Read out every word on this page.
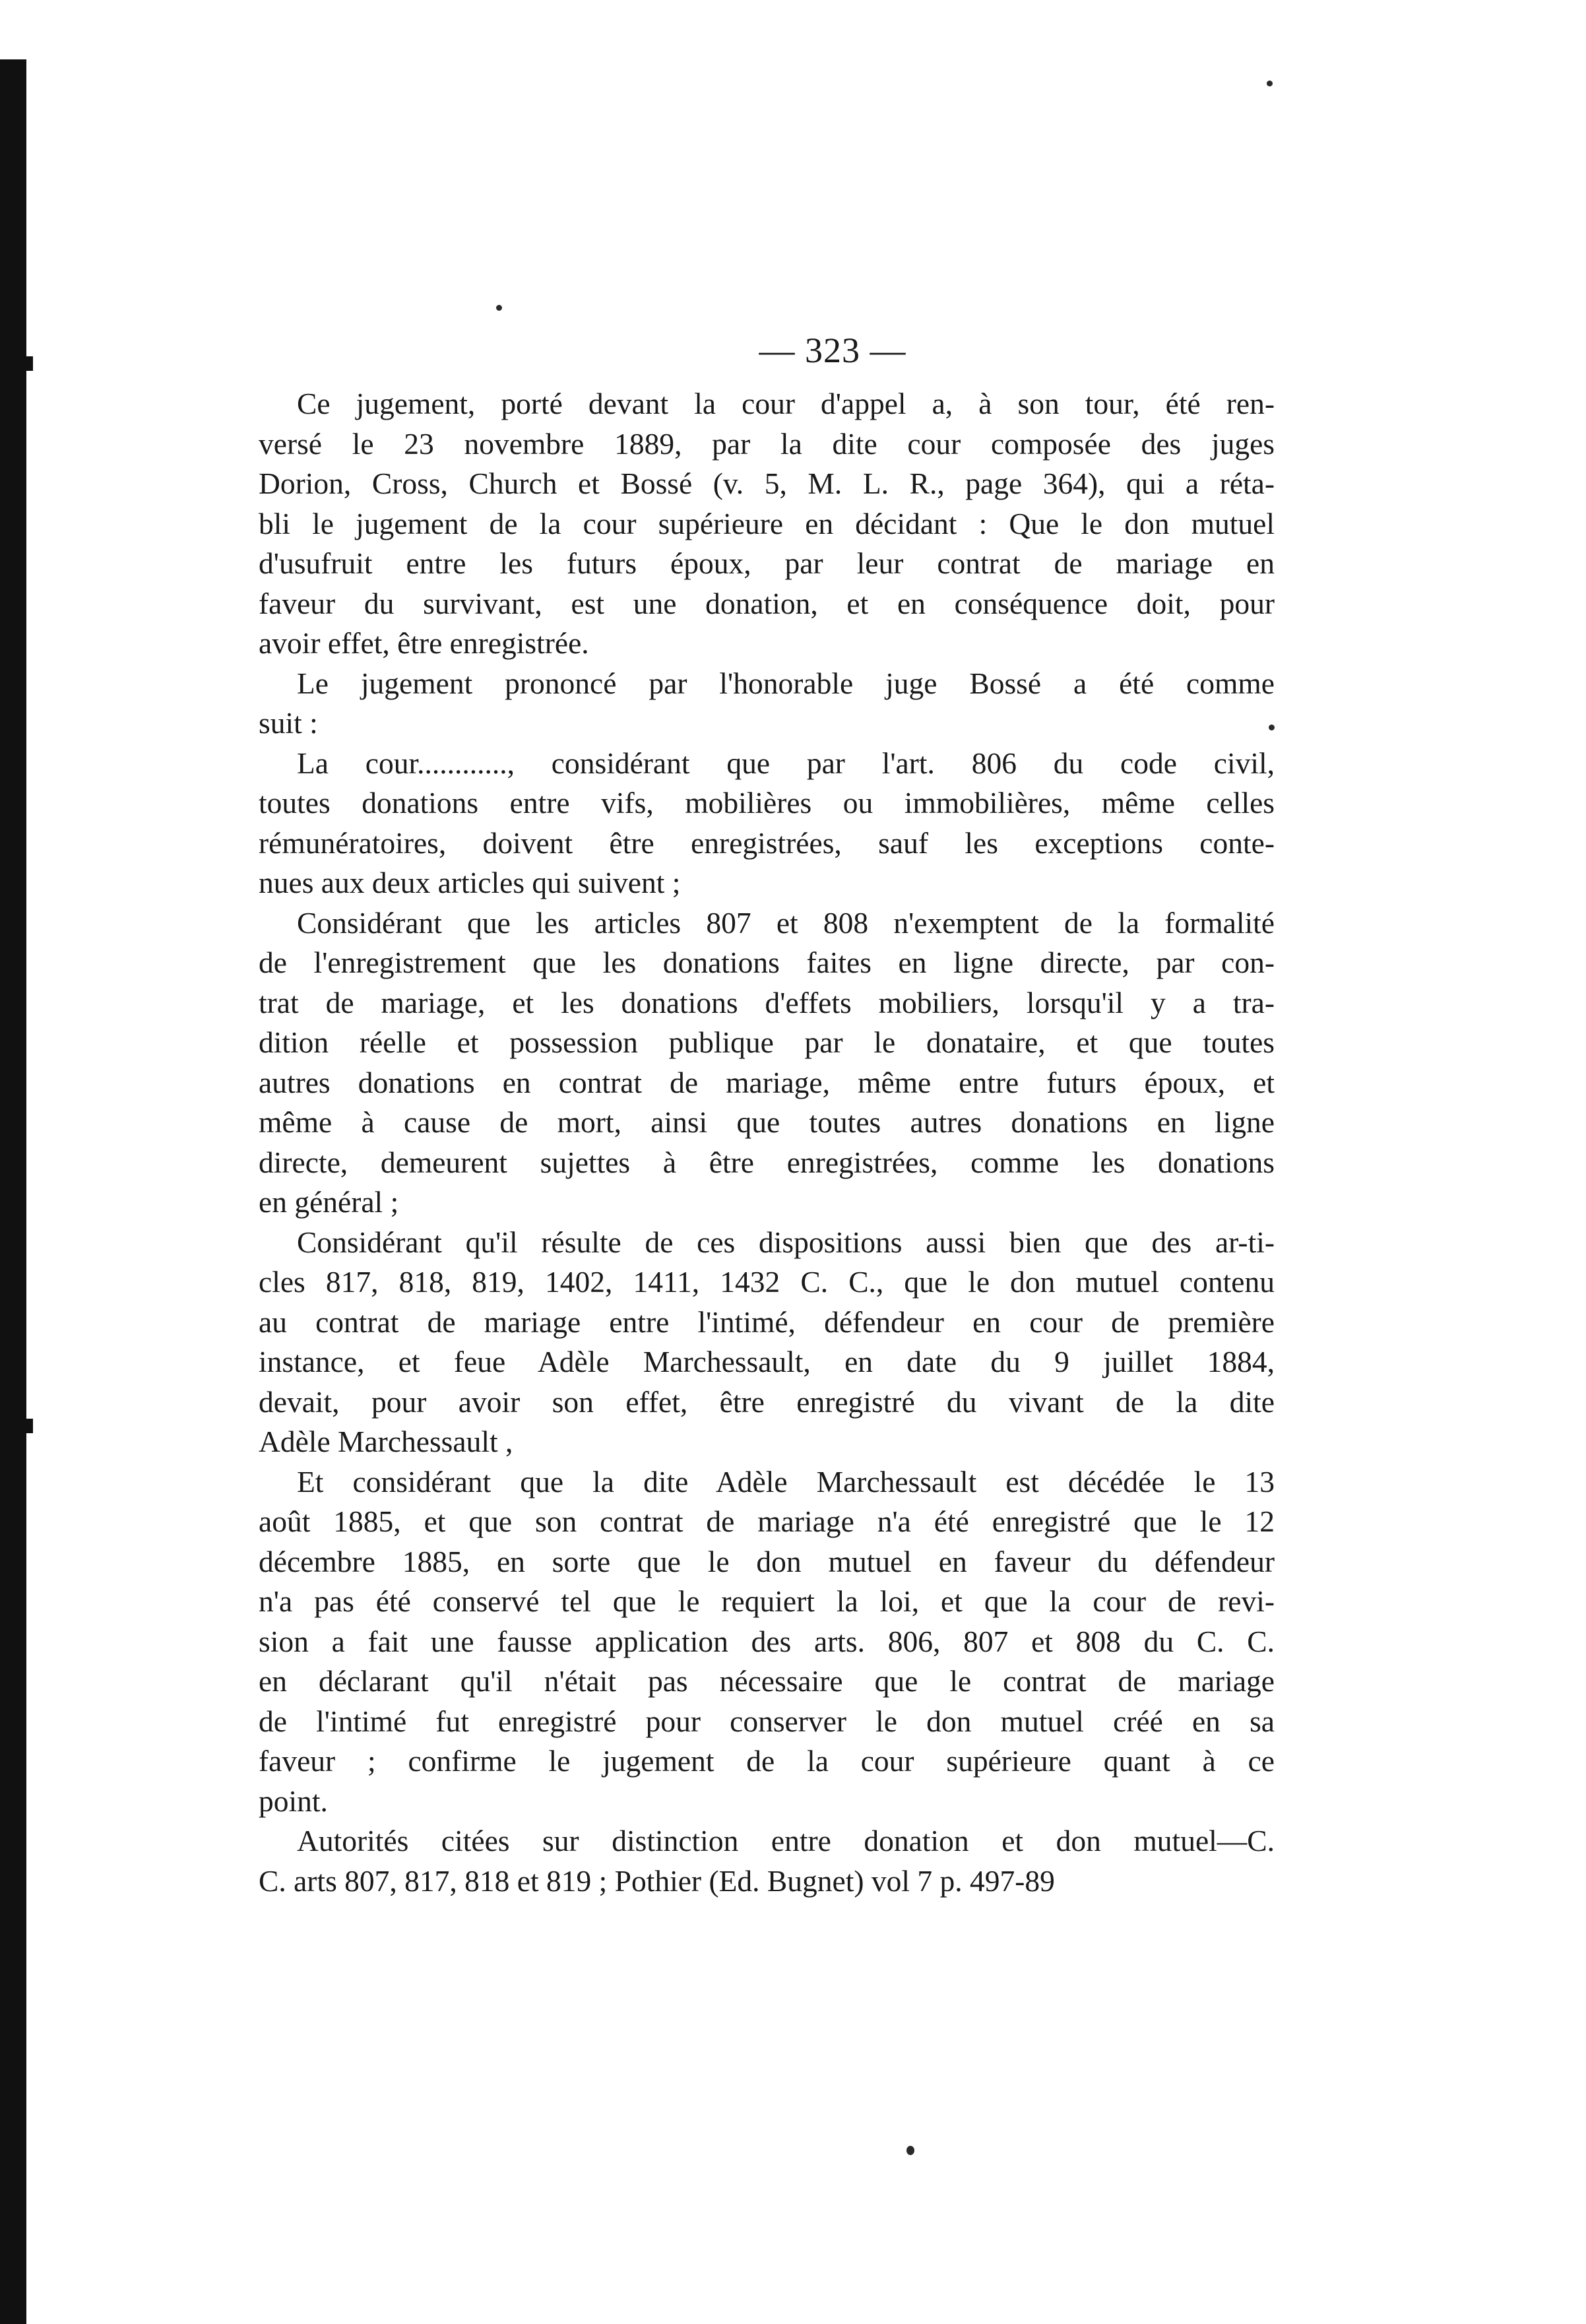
— 323 —
Ce jugement, porté devant la cour d'appel a, à son tour, été ren-
versé le 23 novembre 1889, par la dite cour composée des juges
Dorion, Cross, Church et Bossé (v. 5, M. L. R., page 364), qui a réta-
bli le jugement de la cour supérieure en décidant : Que le don mutuel
d'usufruit entre les futurs époux, par leur contrat de mariage en
faveur du survivant, est une donation, et en conséquence doit, pour
avoir effet, être enregistrée.
Le jugement prononcé par l'honorable juge Bossé a été comme
suit :
La cour............, considérant que par l'art. 806 du code civil,
toutes donations entre vifs, mobilières ou immobilières, même celles
rémunératoires, doivent être enregistrées, sauf les exceptions conte-
nues aux deux articles qui suivent ;
Considérant que les articles 807 et 808 n'exemptent de la formalité
de l'enregistrement que les donations faites en ligne directe, par con-
trat de mariage, et les donations d'effets mobiliers, lorsqu'il y a tra-
dition réelle et possession publique par le donataire, et que toutes
autres donations en contrat de mariage, même entre futurs époux, et
même à cause de mort, ainsi que toutes autres donations en ligne
directe, demeurent sujettes à être enregistrées, comme les donations
en général ;
Considérant qu'il résulte de ces dispositions aussi bien que des ar-ti-
cles 817, 818, 819, 1402, 1411, 1432 C. C., que le don mutuel contenu
au contrat de mariage entre l'intimé, défendeur en cour de première
instance, et feue Adèle Marchessault, en date du 9 juillet 1884,
devait, pour avoir son effet, être enregistré du vivant de la dite
Adèle Marchessault ,
Et considérant que la dite Adèle Marchessault est décédée le 13
août 1885, et que son contrat de mariage n'a été enregistré que le 12
décembre 1885, en sorte que le don mutuel en faveur du défendeur
n'a pas été conservé tel que le requiert la loi, et que la cour de revi-
sion a fait une fausse application des arts. 806, 807 et 808 du C. C.
en déclarant qu'il n'était pas nécessaire que le contrat de mariage
de l'intimé fut enregistré pour conserver le don mutuel créé en sa
faveur ; confirme le jugement de la cour supérieure quant à ce
point.
Autorités citées sur distinction entre donation et don mutuel—C.
C. arts 807, 817, 818 et 819 ; Pothier (Ed. Bugnet) vol 7 p. 497-89
